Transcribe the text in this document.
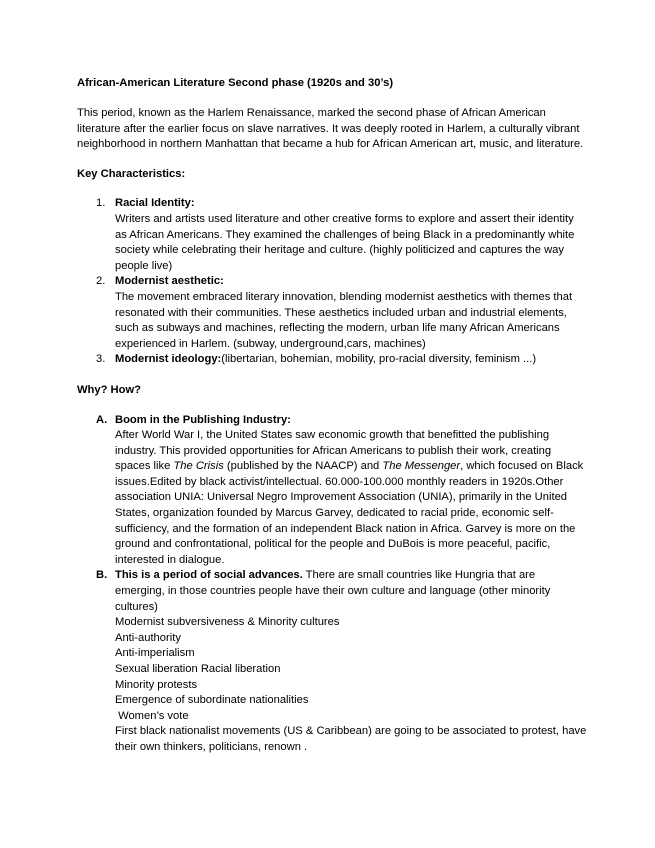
African-American Literature Second phase (1920s and 30’s)

This period, known as the Harlem Renaissance, marked the second phase of African American literature after the earlier focus on slave narratives. It was deeply rooted in Harlem, a culturally vibrant neighborhood in northern Manhattan that became a hub for African American art, music, and literature.

Key Characteristics:

1. Racial Identity:
Writers and artists used literature and other creative forms to explore and assert their identity as African Americans. They examined the challenges of being Black in a predominantly white society while celebrating their heritage and culture. (highly politicized and captures the way people live)
2. Modernist aesthetic:
The movement embraced literary innovation, blending modernist aesthetics with themes that resonated with their communities. These aesthetics included urban and industrial elements, such as subways and machines, reflecting the modern, urban life many African Americans experienced in Harlem. (subway, underground,cars, machines)
3. Modernist ideology:(libertarian, bohemian, mobility, pro-racial diversity, feminism ...)

Why? How?

A. Boom in the Publishing Industry:
After World War I, the United States saw economic growth that benefitted the publishing industry. This provided opportunities for African Americans to publish their work, creating spaces like The Crisis (published by the NAACP) and The Messenger, which focused on Black issues.Edited by black activist/intellectual. 60.000-100.000 monthly readers in 1920s.Other association UNIA: Universal Negro Improvement Association (UNIA), primarily in the United States, organization founded by Marcus Garvey, dedicated to racial pride, economic self-sufficiency, and the formation of an independent Black nation in Africa. Garvey is more on the ground and confrontational, political for the people and DuBois is more peaceful, pacific, interested in dialogue.
B. This is a period of social advances. There are small countries like Hungria that are emerging, in those countries people have their own culture and language (other minority cultures)
Modernist subversiveness & Minority cultures
Anti-authority
Anti-imperialism
Sexual liberation Racial liberation
Minority protests
Emergence of subordinate nationalities
Women’s vote
First black nationalist movements (US & Caribbean) are going to be associated to protest, have their own thinkers, politicians, renown .
